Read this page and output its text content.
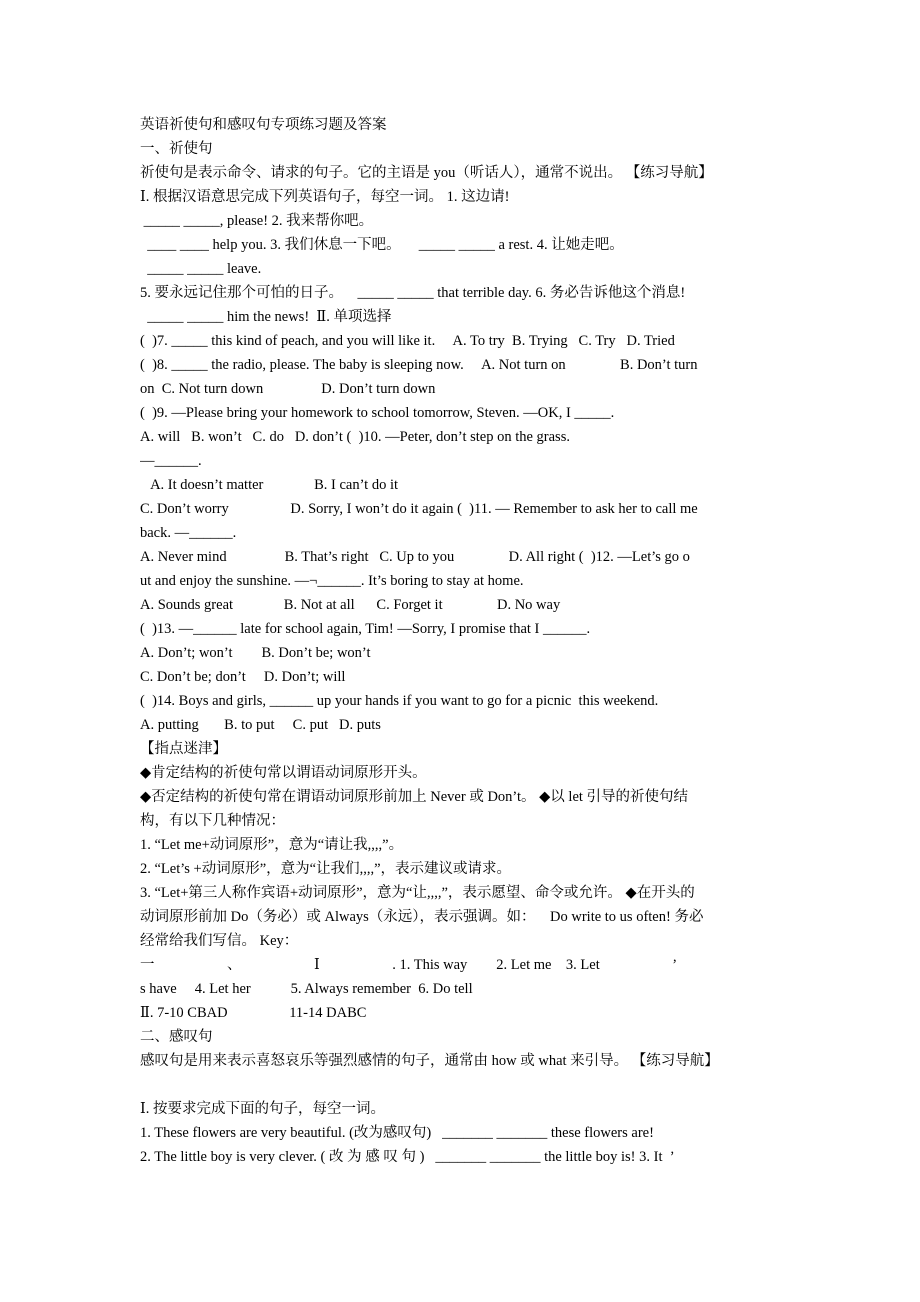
英语祈使句和感叹句专项练习题及答案
一、祈使句
祈使句是表示命令、请求的句子。它的主语是 you（听话人），通常不说出。 【练习导航】
Ⅰ. 根据汉语意思完成下列英语句子，每空一词。 1. 这边请!
_____ _____, please! 2. 我来帮你吧。
____ ____ help you. 3. 我们休息一下吧。     _____ _____ a rest. 4. 让她走吧。
_____ _____ leave.
5. 要永远记住那个可怕的日子。    _____ _____ that terrible day. 6. 务必告诉他这个消息!
_____ _____ him the news!  Ⅱ. 单项选择
(  )7. _____ this kind of peach, and you will like it.     A. To try  B. Trying   C. Try   D. Tried
(  )8. _____ the radio, please. The baby is sleeping now.     A. Not turn on               B. Don’t turn
on  C. Not turn down                D. Don’t turn down
(  )9. —Please bring your homework to school tomorrow, Steven. —OK, I _____.
A. will   B. won’t   C. do   D. don’t (  )10. —Peter, don’t step on the grass.
—______.
A. It doesn’t matter              B. I can’t do it
C. Don’t worry                 D. Sorry, I won’t do it again (  )11. — Remember to ask her to call me
back. —______.
A. Never mind                B. That’s right   C. Up to you               D. All right (  )12. —Let’s go o
ut and enjoy the sunshine. —¬______. It’s boring to stay at home.
A. Sounds great              B. Not at all      C. Forget it               D. No way
(  )13. —______ late for school again, Tim! —Sorry, I promise that I ______.
A. Don’t; won’t        B. Don’t be; won’t
C. Don’t be; don’t     D. Don’t; will
(  )14. Boys and girls, ______ up your hands if you want to go for a picnic  this weekend.
A. putting       B. to put     C. put   D. puts
【指点迷津】
◆肯定结构的祈使句常以谓语动词原形开头。
◆否定结构的祈使句常在谓语动词原形前加上 Never 或 Don’t。 ◆以 let 引导的祈使句结
构，有以下几种情况：
1. “Let me+动词原形”，意为“请让我,,,,”。
2. “Let’s +动词原形”，意为“让我们,,,,”，表示建议或请求。
3. “Let+第三人称作宾语+动词原形”，意为“让,,,,”，表示愿望、命令或允许。 ◆在开头的
动词原形前加 Do（务必）或 Always（永远），表示强调。如：    Do write to us often! 务必
经常给我们写信。 Key：
一                    、                    Ⅰ                    . 1. This way        2. Let me    3. Let                    ’
s have     4. Let her           5. Always remember  6. Do tell
Ⅱ. 7-10 CBAD                 11-14 DABC
二、感叹句
感叹句是用来表示喜怒哀乐等强烈感情的句子，通常由 how 或 what 来引导。 【练习导航】
Ⅰ. 按要求完成下面的句子，每空一词。
1. These flowers are very beautiful. (改为感叹句)   _______ _______ these flowers are!
2. The little boy is very clever. ( 改 为 感 叹 句 )   _______ _______ the little boy is! 3. It  ’
